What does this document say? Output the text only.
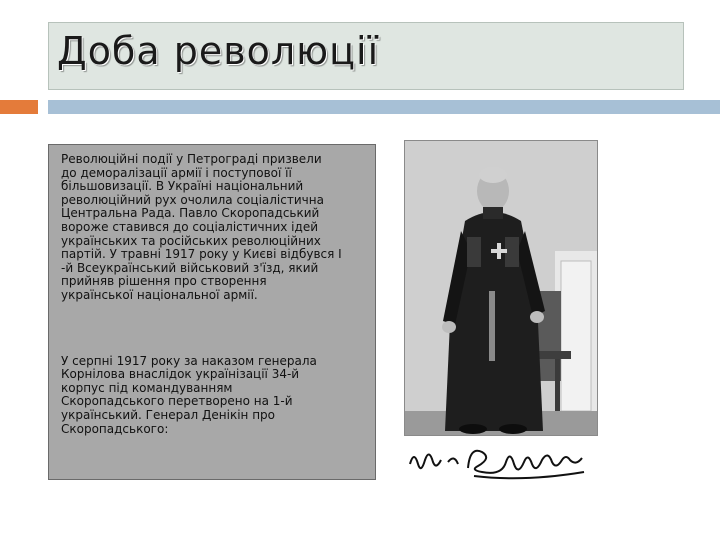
Доба революції

Революційні події у Петрограді призвели
до деморалізації армії і поступової її
більшовизації. В Україні національний
революційний рух очолила соціалістична
Центральна Рада. Павло Скоропадський
вороже ставився до соціалістичних ідей
українських та російських революційних
партій. У травні 1917 року у Києві відбувся І
-й Всеукраїнський військовий з'їзд, який
прийняв рішення про створення
української національної армії.

У серпні 1917 року за наказом генерала
Корнілова внаслідок українізації 34-й
корпус під командуванням
Скоропадського перетворено на 1-й
український. Генерал Денікін про
Скоропадського:
